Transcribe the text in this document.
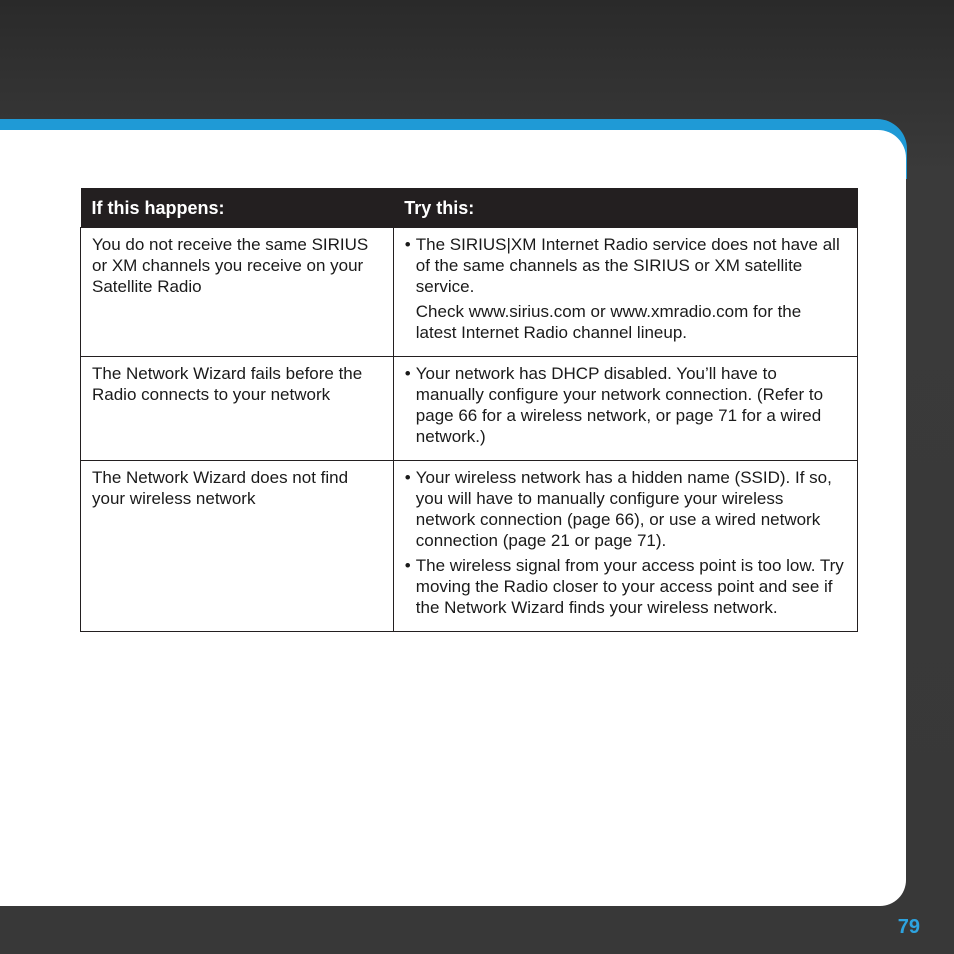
If this happens:	Try this:
You do not receive the same SIRIUS or XM channels you receive on your Satellite Radio	• The SIRIUS|XM Internet Radio service does not have all of the same channels as the SIRIUS or XM satellite service.
Check www.sirius.com or www.xmradio.com for the latest Internet Radio channel lineup.

The Network Wizard fails before the Radio connects to your network	• Your network has DHCP disabled. You’ll have to manually configure your network connection. (Refer to page 66 for a wireless network, or page 71 for a wired network.)

The Network Wizard does not find your wireless network	• Your wireless network has a hidden name (SSID). If so, you will have to manually configure your wireless network connection (page 66), or use a wired network connection (page 21 or page 71).
• The wireless signal from your access point is too low. Try moving the Radio closer to your access point and see if the Network Wizard finds your wireless network.
79
